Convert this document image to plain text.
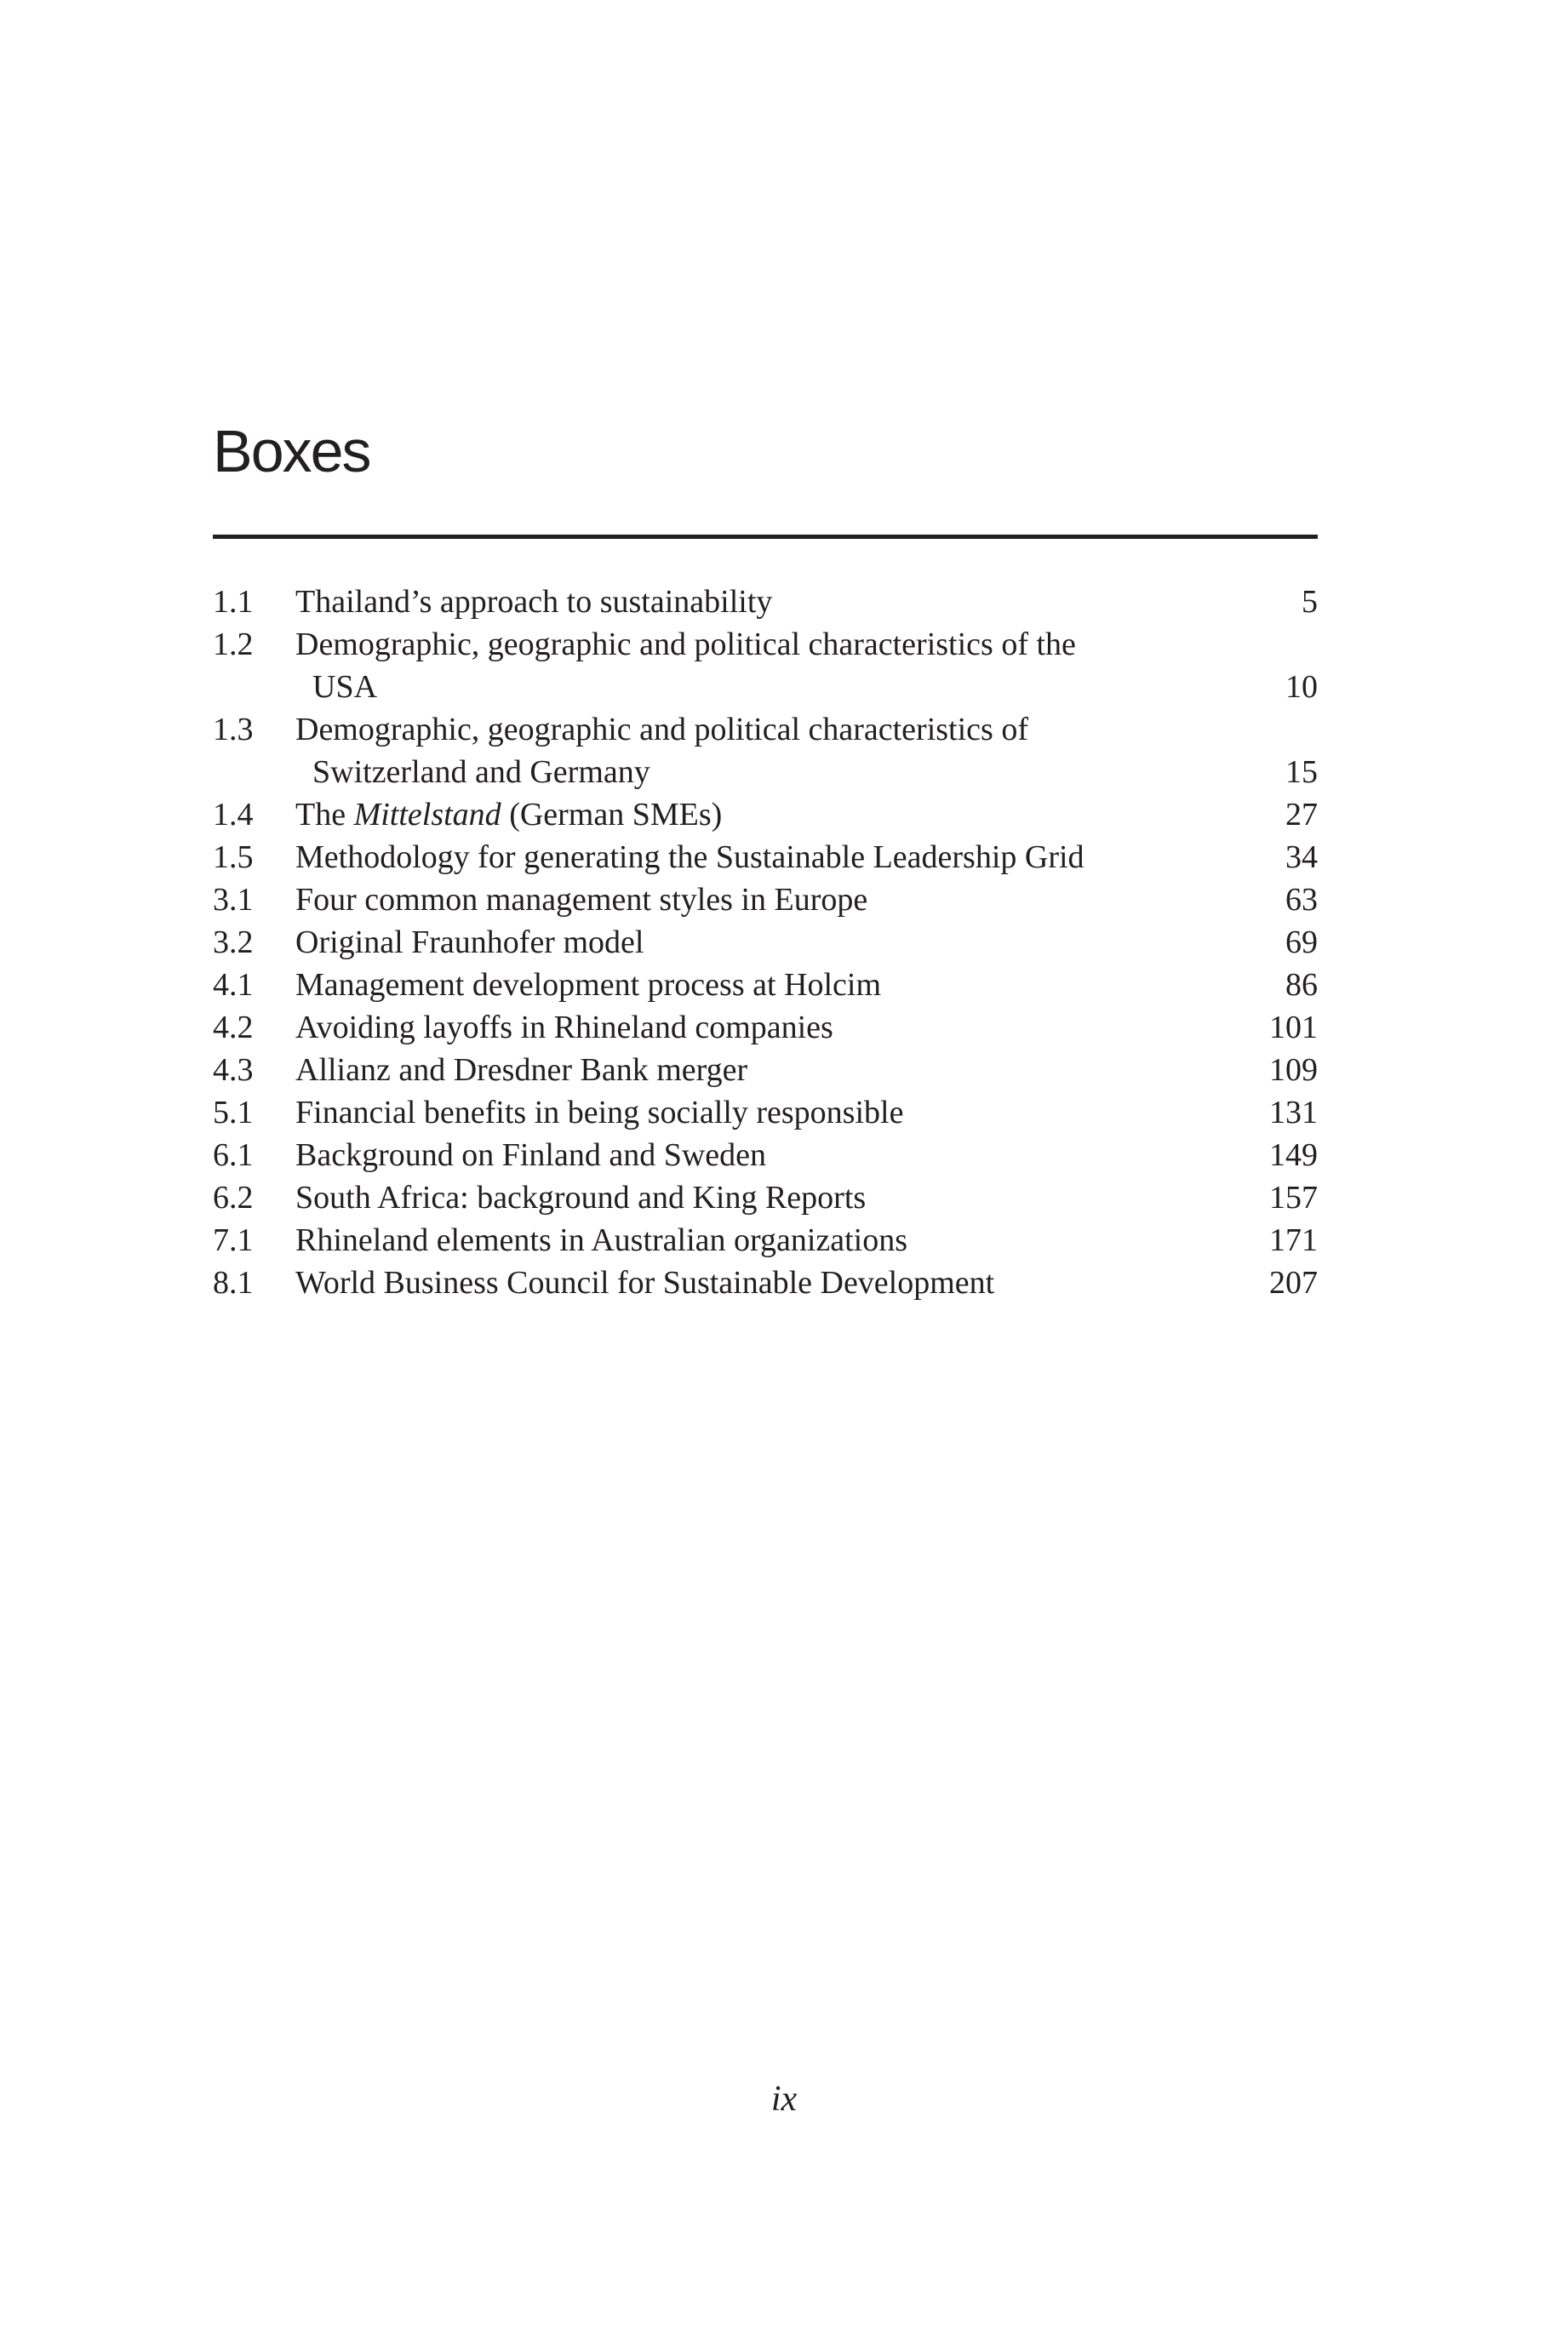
Boxes
1.1 Thailand’s approach to sustainability	5
1.2 Demographic, geographic and political characteristics of the
USA	10
1.3 Demographic, geographic and political characteristics of
Switzerland and Germany	15
1.4 The Mittelstand (German SMEs)	27
1.5 Methodology for generating the Sustainable Leadership Grid	34
3.1 Four common management styles in Europe	63
3.2 Original Fraunhofer model	69
4.1 Management development process at Holcim	86
4.2 Avoiding layoffs in Rhineland companies	101
4.3 Allianz and Dresdner Bank merger	109
5.1 Financial benefits in being socially responsible	131
6.1 Background on Finland and Sweden	149
6.2 South Africa: background and King Reports	157
7.1 Rhineland elements in Australian organizations	171
8.1 World Business Council for Sustainable Development	207
ix
